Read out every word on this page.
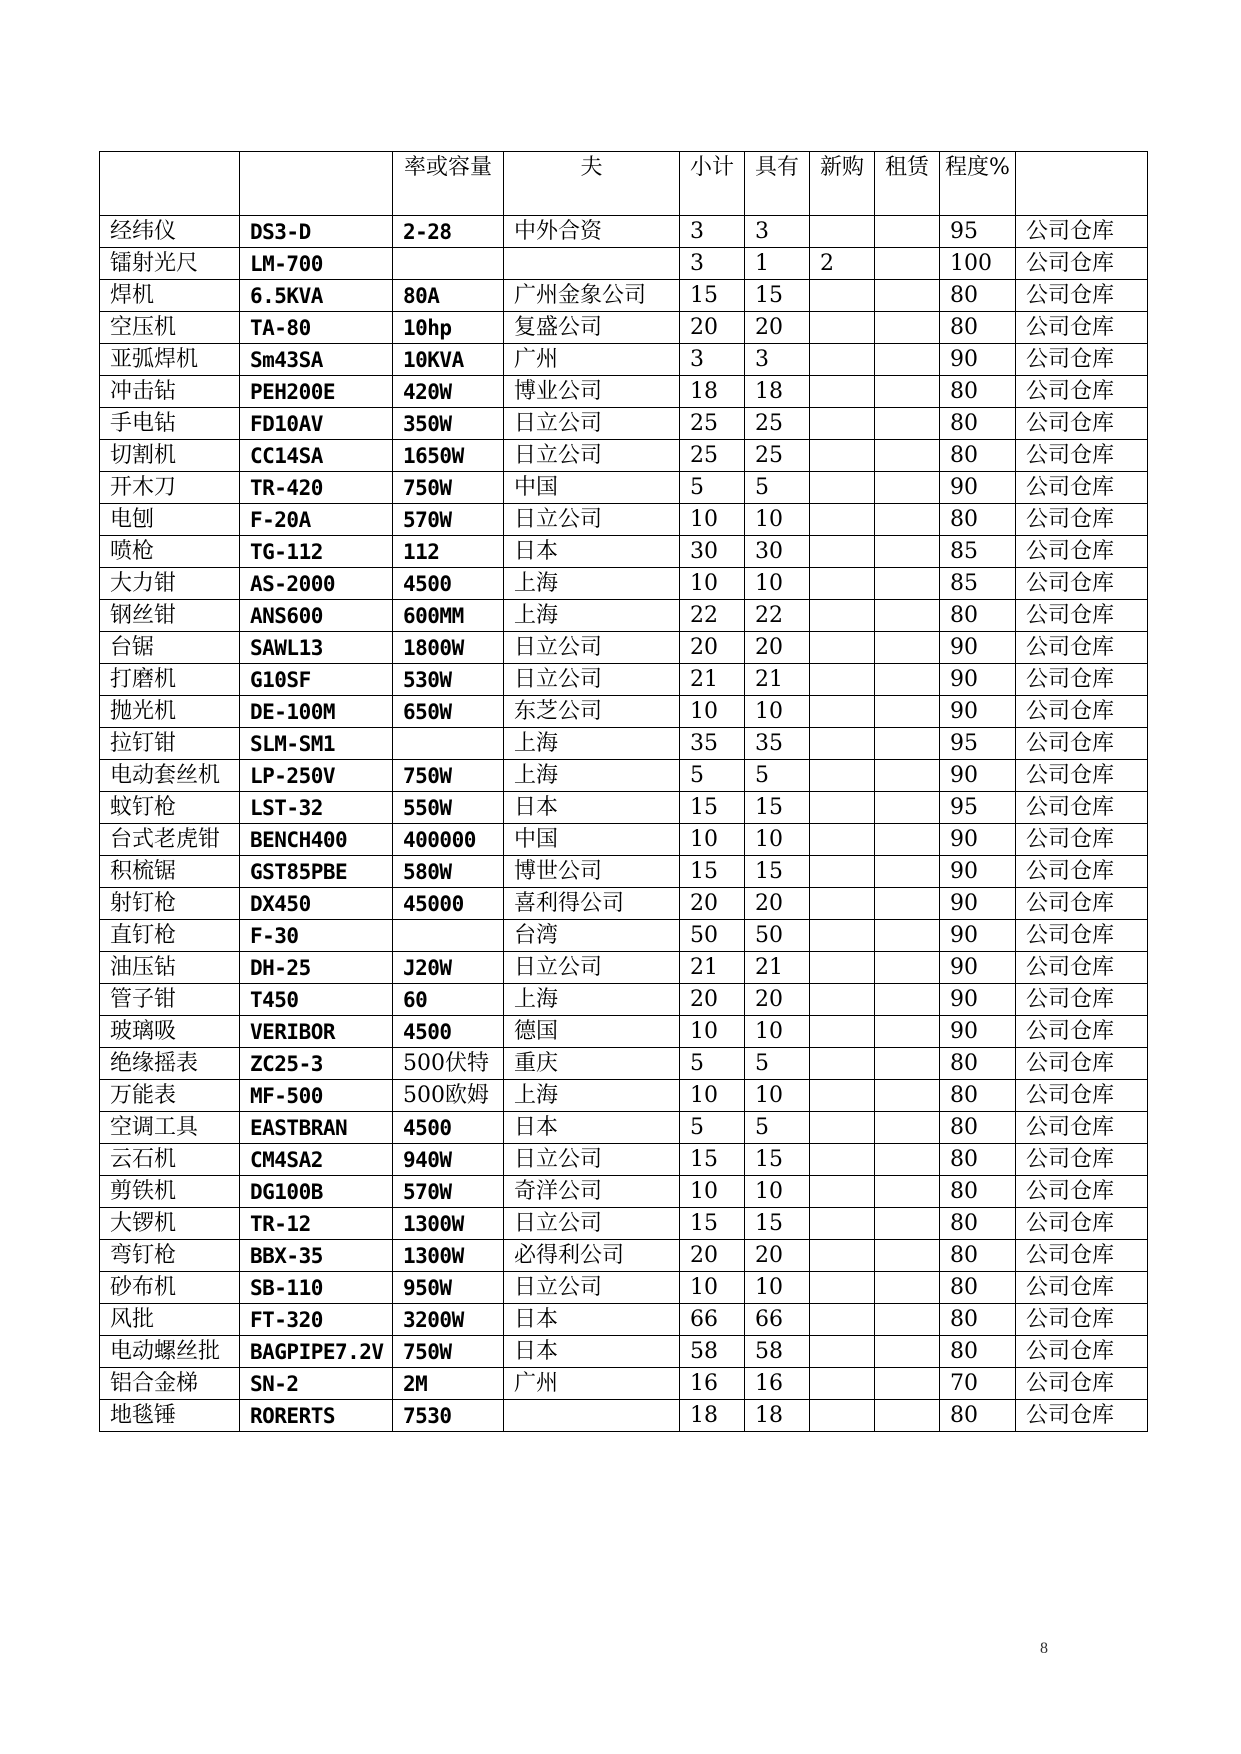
		率或容量	夫	小计	具有	新购	租赁	程度%	
经纬仪	DS3-D	2-28	中外合资	3	3			95	公司仓库
镭射光尺	LM-700			3	1	2		100	公司仓库
焊机	6.5KVA	80A	广州金象公司	15	15			80	公司仓库
空压机	TA-80	10hp	复盛公司	20	20			80	公司仓库
亚弧焊机	Sm43SA	10KVA	广州	3	3			90	公司仓库
冲击钻	PEH200E	420W	博业公司	18	18			80	公司仓库
手电钻	FD10AV	350W	日立公司	25	25			80	公司仓库
切割机	CC14SA	1650W	日立公司	25	25			80	公司仓库
开木刀	TR-420	750W	中国	5	5			90	公司仓库
电刨	F-20A	570W	日立公司	10	10			80	公司仓库
喷枪	TG-112	112	日本	30	30			85	公司仓库
大力钳	AS-2000	4500	上海	10	10			85	公司仓库
钢丝钳	ANS600	600MM	上海	22	22			80	公司仓库
台锯	SAWL13	1800W	日立公司	20	20			90	公司仓库
打磨机	G10SF	530W	日立公司	21	21			90	公司仓库
抛光机	DE-100M	650W	东芝公司	10	10			90	公司仓库
拉钉钳	SLM-SM1		上海	35	35			95	公司仓库
电动套丝机	LP-250V	750W	上海	5	5			90	公司仓库
蚊钉枪	LST-32	550W	日本	15	15			95	公司仓库
台式老虎钳	BENCH400	400000	中国	10	10			90	公司仓库
积梳锯	GST85PBE	580W	博世公司	15	15			90	公司仓库
射钉枪	DX450	45000	喜利得公司	20	20			90	公司仓库
直钉枪	F-30		台湾	50	50			90	公司仓库
油压钻	DH-25	J20W	日立公司	21	21			90	公司仓库
管子钳	T450	60	上海	20	20			90	公司仓库
玻璃吸	VERIBOR	4500	德国	10	10			90	公司仓库
绝缘摇表	ZC25-3	500伏特	重庆	5	5			80	公司仓库
万能表	MF-500	500欧姆	上海	10	10			80	公司仓库
空调工具	EASTBRAN	4500	日本	5	5			80	公司仓库
云石机	CM4SA2	940W	日立公司	15	15			80	公司仓库
剪铁机	DG100B	570W	奇洋公司	10	10			80	公司仓库
大锣机	TR-12	1300W	日立公司	15	15			80	公司仓库
弯钉枪	BBX-35	1300W	必得利公司	20	20			80	公司仓库
砂布机	SB-110	950W	日立公司	10	10			80	公司仓库
风批	FT-320	3200W	日本	66	66			80	公司仓库
电动螺丝批	BAGPIPE7.2V	750W	日本	58	58			80	公司仓库
铝合金梯	SN-2	2M	广州	16	16			70	公司仓库
地毯锤	RORERTS	7530		18	18			80	公司仓库
8
